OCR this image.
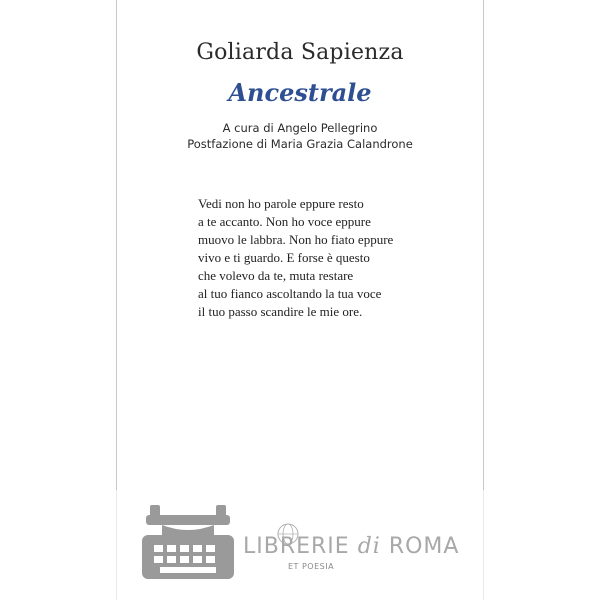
Goliarda Sapienza
Ancestrale
A cura di Angelo Pellegrino
Postfazione di Maria Grazia Calandrone
Vedi non ho parole eppure resto
a te accanto. Non ho voce eppure
muovo le labbra. Non ho fiato eppure
vivo e ti guardo. E forse è questo
che volevo da te, muta restare
al tuo fianco ascoltando la tua voce
il tuo passo scandire le mie ore.
LIBRERIE di ROMA
ET POESIA
